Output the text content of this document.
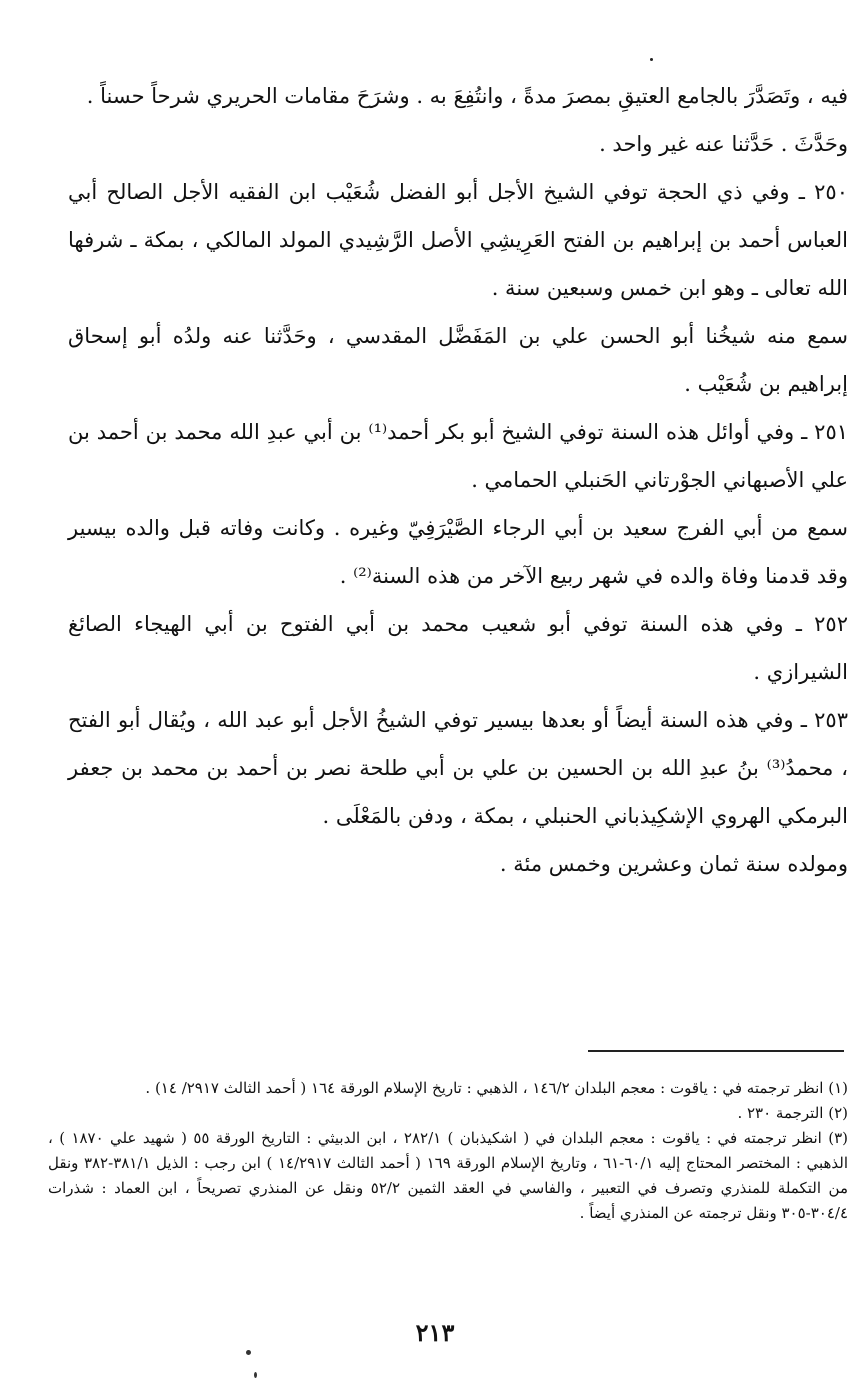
فيه ، وتَصَدَّرَ بالجامع العتيقِ بمصرَ مدةً ، وانتُفِعَ به . وشرَحَ مقامات الحريري شرحاً حسناً .

وحَدَّثَ . حَدَّثنا عنه غير واحد .

٢٥٠ ـ وفي ذي الحجة توفي الشيخ الأجل أبو الفضل شُعَيْب ابن الفقيه الأجل الصالح أبي العباس أحمد بن إبراهيم بن الفتح العَرِيشِي الأصل الرَّشِيدي المولد المالكي ، بمكة ـ شرفها الله تعالى ـ وهو ابن خمس وسبعين سنة .

سمع منه شيخُنا أبو الحسن علي بن المَفَضَّل المقدسي ، وحَدَّثنا عنه ولدُه أبو إسحاق إبراهيم بن شُعَيْب .

٢٥١ ـ وفي أوائل هذه السنة توفي الشيخ أبو بكر أحمد⁽¹⁾ بن أبي عبدِ الله محمد بن أحمد بن علي الأصبهاني الجوْرتاني الحَنبلي الحمامي .

سمع من أبي الفرج سعيد بن أبي الرجاء الصَّيْرَفِيّ وغيره . وكانت وفاته قبل والده بيسير وقد قدمنا وفاة والده في شهر ربيع الآخر من هذه السنة⁽²⁾ .

٢٥٢ ـ وفي هذه السنة توفي أبو شعيب محمد بن أبي الفتوح بن أبي الهيجاء الصائغ الشيرازي .

٢٥٣ ـ وفي هذه السنة أيضاً أو بعدها بيسير توفي الشيخُ الأجل أبو عبد الله ، ويُقال أبو الفتح ، محمدُ⁽³⁾ بنُ عبدِ الله بن الحسين بن علي بن أبي طلحة نصر بن أحمد بن محمد بن جعفر البرمكي الهروي الإشكِيذباني الحنبلي ، بمكة ، ودفن بالمَعْلَى .

ومولده سنة ثمان وعشرين وخمس مئة .

(١) انظر ترجمته في : ياقوت : معجم البلدان ١٤٦/٢ ، الذهبي : تاريخ الإسلام الورقة ١٦٤ ( أحمد الثالث ٢٩١٧/ ١٤) .

(٢) الترجمة ٢٣٠ .

(٣) انظر ترجمته في : ياقوت : معجم البلدان في ( اشكيذبان ) ٢٨٢/١ ، ابن الدبيثي : التاريخ الورقة ٥٥ ( شهيد علي ١٨٧٠ ) ، الذهبي : المختصر المحتاج إليه ٦٠/١-٦١ ، وتاريخ الإسلام الورقة ١٦٩ ( أحمد الثالث ١٤/٢٩١٧ ) ابن رجب : الذيل ٣٨١/١-٣٨٢ ونقل من التكملة للمنذري وتصرف في التعبير ، والفاسي في العقد الثمين ٥٢/٢ ونقل عن المنذري تصريحاً ، ابن العماد : شذرات ٣٠٤/٤-٣٠٥ ونقل ترجمته عن المنذري أيضاً .

٢١٣
